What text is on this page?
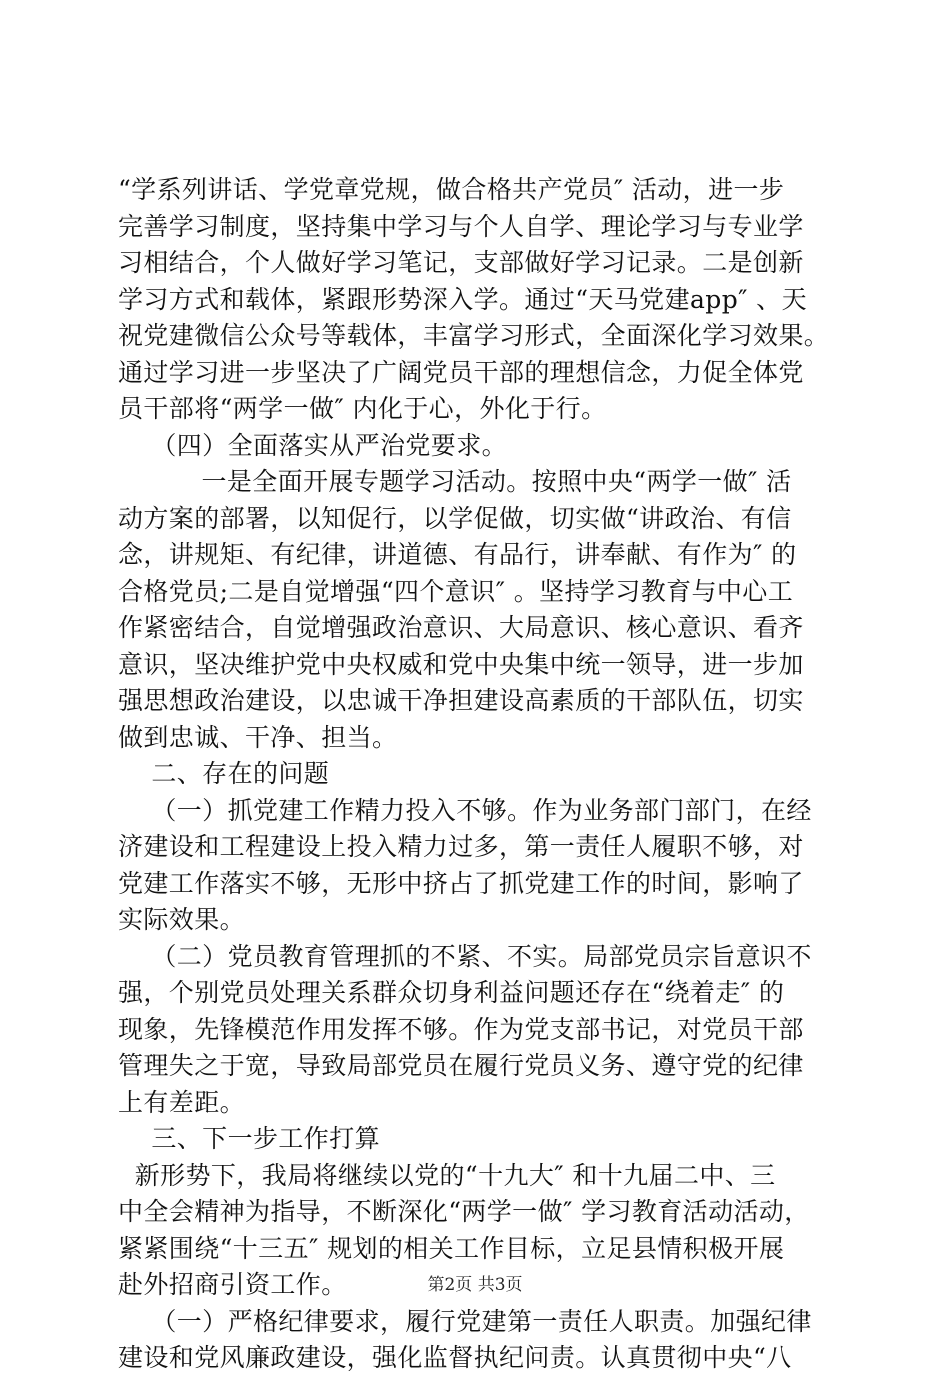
“学系列讲话、学党章党规，做合格共产党员″ 活动，进一步
完善学习制度，坚持集中学习与个人自学、理论学习与专业学
习相结合，个人做好学习笔记，支部做好学习记录。二是创新
学习方式和载体，紧跟形势深入学。通过“天马党建app″ 、天
祝党建微信公众号等载体，丰富学习形式，全面深化学习效果。
通过学习进一步坚决了广阔党员干部的理想信念，力促全体党
员干部将“两学一做″ 内化于心，外化于行。
（四）全面落实从严治党要求。
一是全面开展专题学习活动。按照中央“两学一做″ 活
动方案的部署，以知促行，以学促做，切实做“讲政治、有信
念，讲规矩、有纪律，讲道德、有品行，讲奉献、有作为″ 的
合格党员;二是自觉增强“四个意识″ 。坚持学习教育与中心工
作紧密结合，自觉增强政治意识、大局意识、核心意识、看齐
意识，坚决维护党中央权威和党中央集中统一领导，进一步加
强思想政治建设，以忠诚干净担建设高素质的干部队伍，切实
做到忠诚、干净、担当。
二、存在的问题
（一）抓党建工作精力投入不够。作为业务部门部门，在经
济建设和工程建设上投入精力过多，第一责任人履职不够，对
党建工作落实不够，无形中挤占了抓党建工作的时间，影响了
实际效果。
（二）党员教育管理抓的不紧、不实。局部党员宗旨意识不
强，个别党员处理关系群众切身利益问题还存在“绕着走″ 的
现象，先锋模范作用发挥不够。作为党支部书记，对党员干部
管理失之于宽，导致局部党员在履行党员义务、遵守党的纪律
上有差距。
三、下一步工作打算
新形势下，我局将继续以党的“十九大″ 和十九届二中、三
中全会精神为指导，不断深化“两学一做″ 学习教育活动活动，
紧紧围绕“十三五″ 规划的相关工作目标，立足县情积极开展
赴外招商引资工作。
（一）严格纪律要求，履行党建第一责任人职责。加强纪律
建设和党风廉政建设，强化监督执纪问责。认真贯彻中央“八
第2页 共3页
